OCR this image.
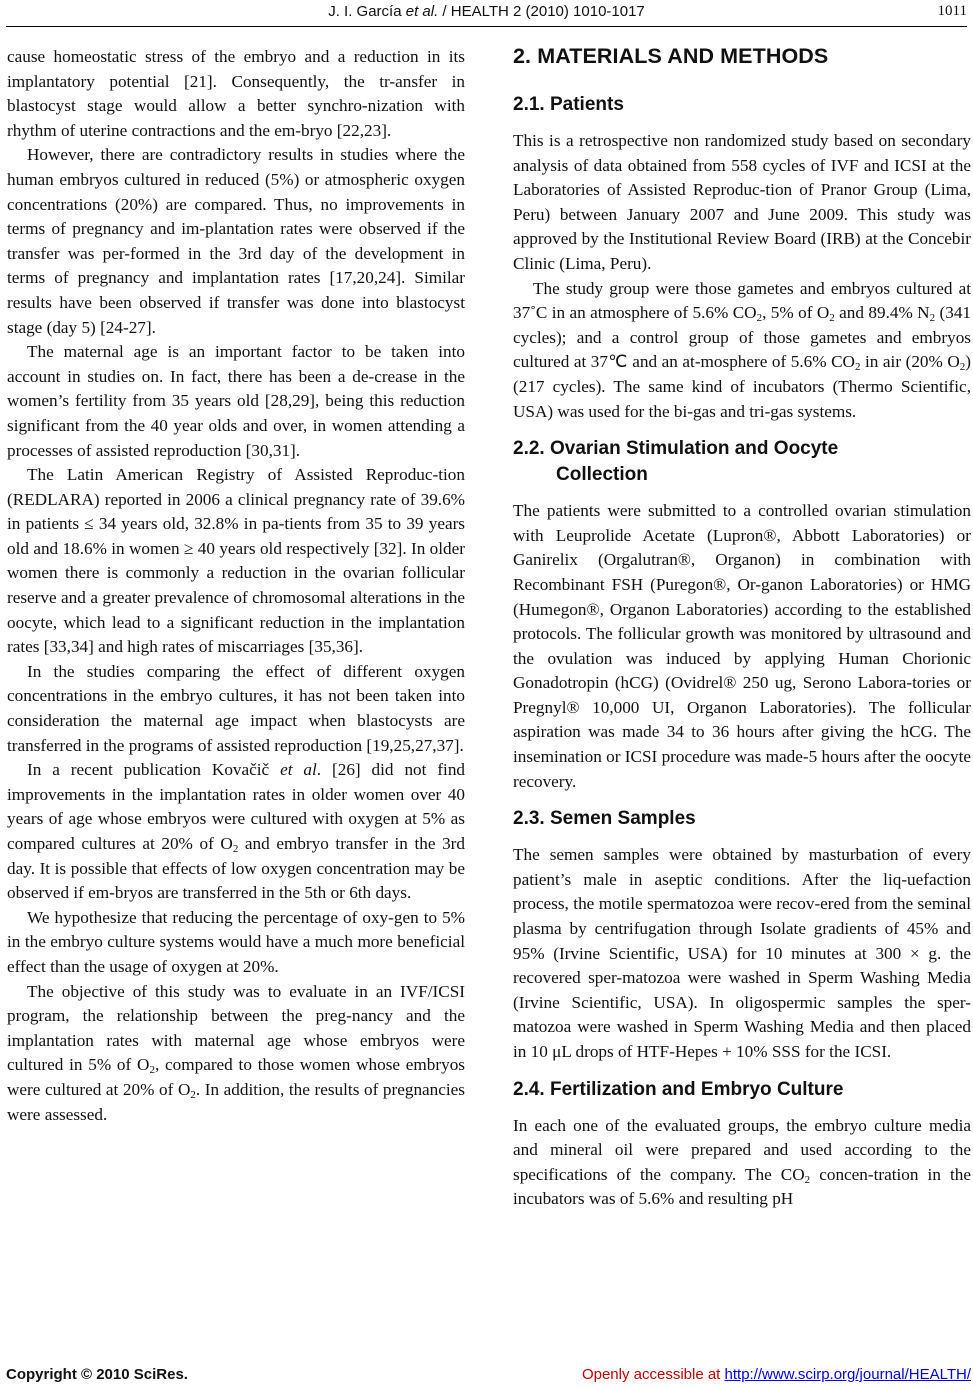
J. I. García et al. / HEALTH 2 (2010) 1010-1017	1011

cause homeostatic stress of the embryo and a reduction in its implantatory potential [21]. Consequently, the tr-ansfer in blastocyst stage would allow a better synchro-nization with rhythm of uterine contractions and the em-bryo [22,23].

However, there are contradictory results in studies where the human embryos cultured in reduced (5%) or atmospheric oxygen concentrations (20%) are compared. Thus, no improvements in terms of pregnancy and im-plantation rates were observed if the transfer was per-formed in the 3rd day of the development in terms of pregnancy and implantation rates [17,20,24]. Similar results have been observed if transfer was done into blastocyst stage (day 5) [24-27].

The maternal age is an important factor to be taken into account in studies on. In fact, there has been a de-crease in the women’s fertility from 35 years old [28,29], being this reduction significant from the 40 year olds and over, in women attending a processes of assisted reproduction [30,31].

The Latin American Registry of Assisted Reproduc-tion (REDLARA) reported in 2006 a clinical pregnancy rate of 39.6% in patients ≤ 34 years old, 32.8% in pa-tients from 35 to 39 years old and 18.6% in women ≥ 40 years old respectively [32]. In older women there is commonly a reduction in the ovarian follicular reserve and a greater prevalence of chromosomal alterations in the oocyte, which lead to a significant reduction in the implantation rates [33,34] and high rates of miscarriages [35,36].

In the studies comparing the effect of different oxygen concentrations in the embryo cultures, it has not been taken into consideration the maternal age impact when blastocysts are transferred in the programs of assisted reproduction [19,25,27,37].

In a recent publication Kovačič et al. [26] did not find improvements in the implantation rates in older women over 40 years of age whose embryos were cultured with oxygen at 5% as compared cultures at 20% of $O_2$ and embryo transfer in the 3rd day. It is possible that effects of low oxygen concentration may be observed if em-bryos are transferred in the 5th or 6th days.

We hypothesize that reducing the percentage of oxy-gen to 5% in the embryo culture systems would have a much more beneficial effect than the usage of oxygen at 20%.

The objective of this study was to evaluate in an IVF/ICSI program, the relationship between the preg-nancy and the implantation rates with maternal age whose embryos were cultured in 5% of $O_2$, compared to those women whose embryos were cultured at 20% of $O_2$. In addition, the results of pregnancies were assessed.

2. MATERIALS AND METHODS
2.1. Patients

This is a retrospective non randomized study based on secondary analysis of data obtained from 558 cycles of IVF and ICSI at the Laboratories of Assisted Reproduc-tion of Pranor Group (Lima, Peru) between January 2007 and June 2009. This study was approved by the Institutional Review Board (IRB) at the Concebir Clinic (Lima, Peru).

The study group were those gametes and embryos cultured at 37˚C in an atmosphere of 5.6% $CO_2$, 5% of $O_2$ and 89.4% $N_2$ (341 cycles); and a control group of those gametes and embryos cultured at 37℃ and an at-mosphere of 5.6% $CO_2$ in air (20% $O_2$) (217 cycles). The same kind of incubators (Thermo Scientific, USA) was used for the bi-gas and tri-gas systems.

2.2. Ovarian Stimulation and Oocyte
Collection

The patients were submitted to a controlled ovarian stimulation with Leuprolide Acetate (Lupron®, Abbott Laboratories) or Ganirelix (Orgalutran®, Organon) in combination with Recombinant FSH (Puregon®, Or-ganon Laboratories) or HMG (Humegon®, Organon Laboratories) according to the established protocols. The follicular growth was monitored by ultrasound and the ovulation was induced by applying Human Chorionic Gonadotropin (hCG) (Ovidrel® 250 ug, Serono Labora-tories or Pregnyl® 10,000 UI, Organon Laboratories). The follicular aspiration was made 34 to 36 hours after giving the hCG. The insemination or ICSI procedure was made-5 hours after the oocyte recovery.

2.3. Semen Samples

The semen samples were obtained by masturbation of every patient’s male in aseptic conditions. After the liq-uefaction process, the motile spermatozoa were recov-ered from the seminal plasma by centrifugation through Isolate gradients of 45% and 95% (Irvine Scientific, USA) for 10 minutes at 300 × g. the recovered sper-matozoa were washed in Sperm Washing Media (Irvine Scientific, USA). In oligospermic samples the sper-matozoa were washed in Sperm Washing Media and then placed in 10 μL drops of HTF-Hepes + 10% SSS for the ICSI.

2.4. Fertilization and Embryo Culture

In each one of the evaluated groups, the embryo culture media and mineral oil were prepared and used according to the specifications of the company. The $CO_2$ concen-tration in the incubators was of 5.6% and resulting pH

Copyright © 2010 SciRes.	Openly accessible at http://www.scirp.org/journal/HEALTH/
